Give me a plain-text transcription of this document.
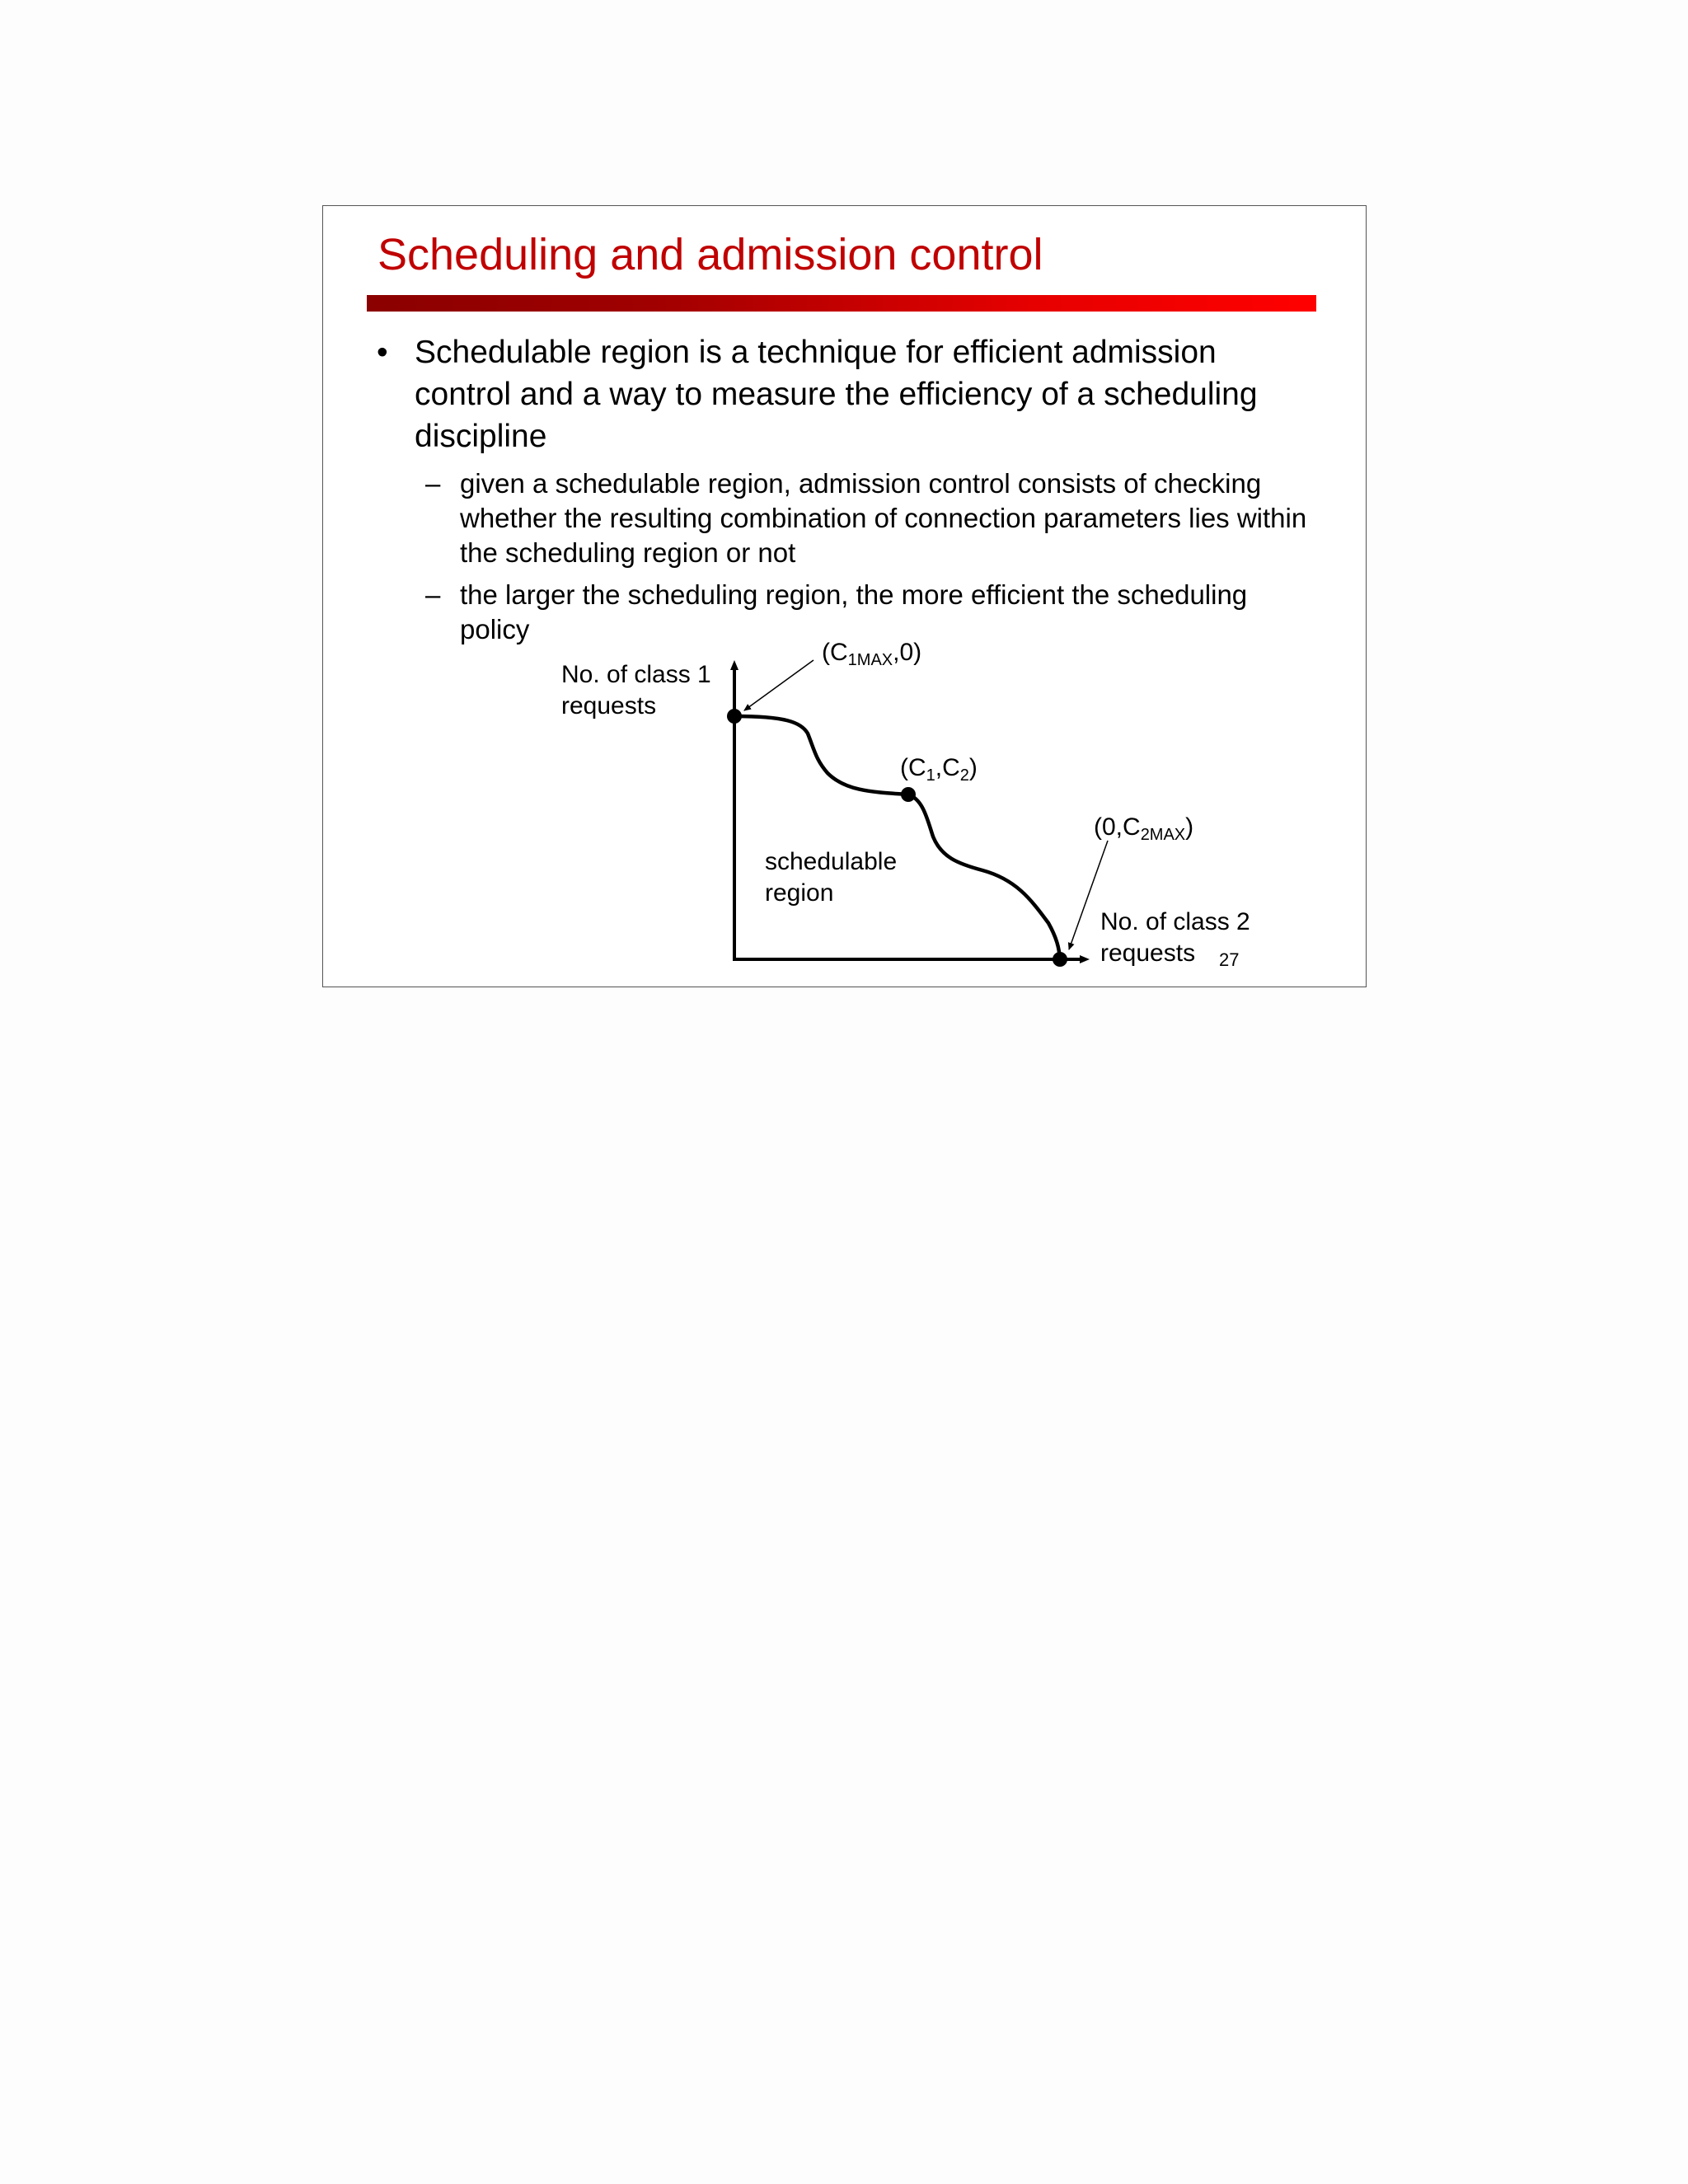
Scheduling and admission control
• Schedulable region is a technique for efficient admission control and a way to measure the efficiency of a scheduling discipline
– given a schedulable region, admission control consists of checking whether the resulting combination of connection parameters lies within the scheduling region or not
– the larger the scheduling region, the more efficient the scheduling policy
No. of class 1
requests
$(C_{1MAX},0)$
$(C_1,C_2)$
$(0,C_{2MAX})$
schedulable
region
No. of class 2
requests	27
